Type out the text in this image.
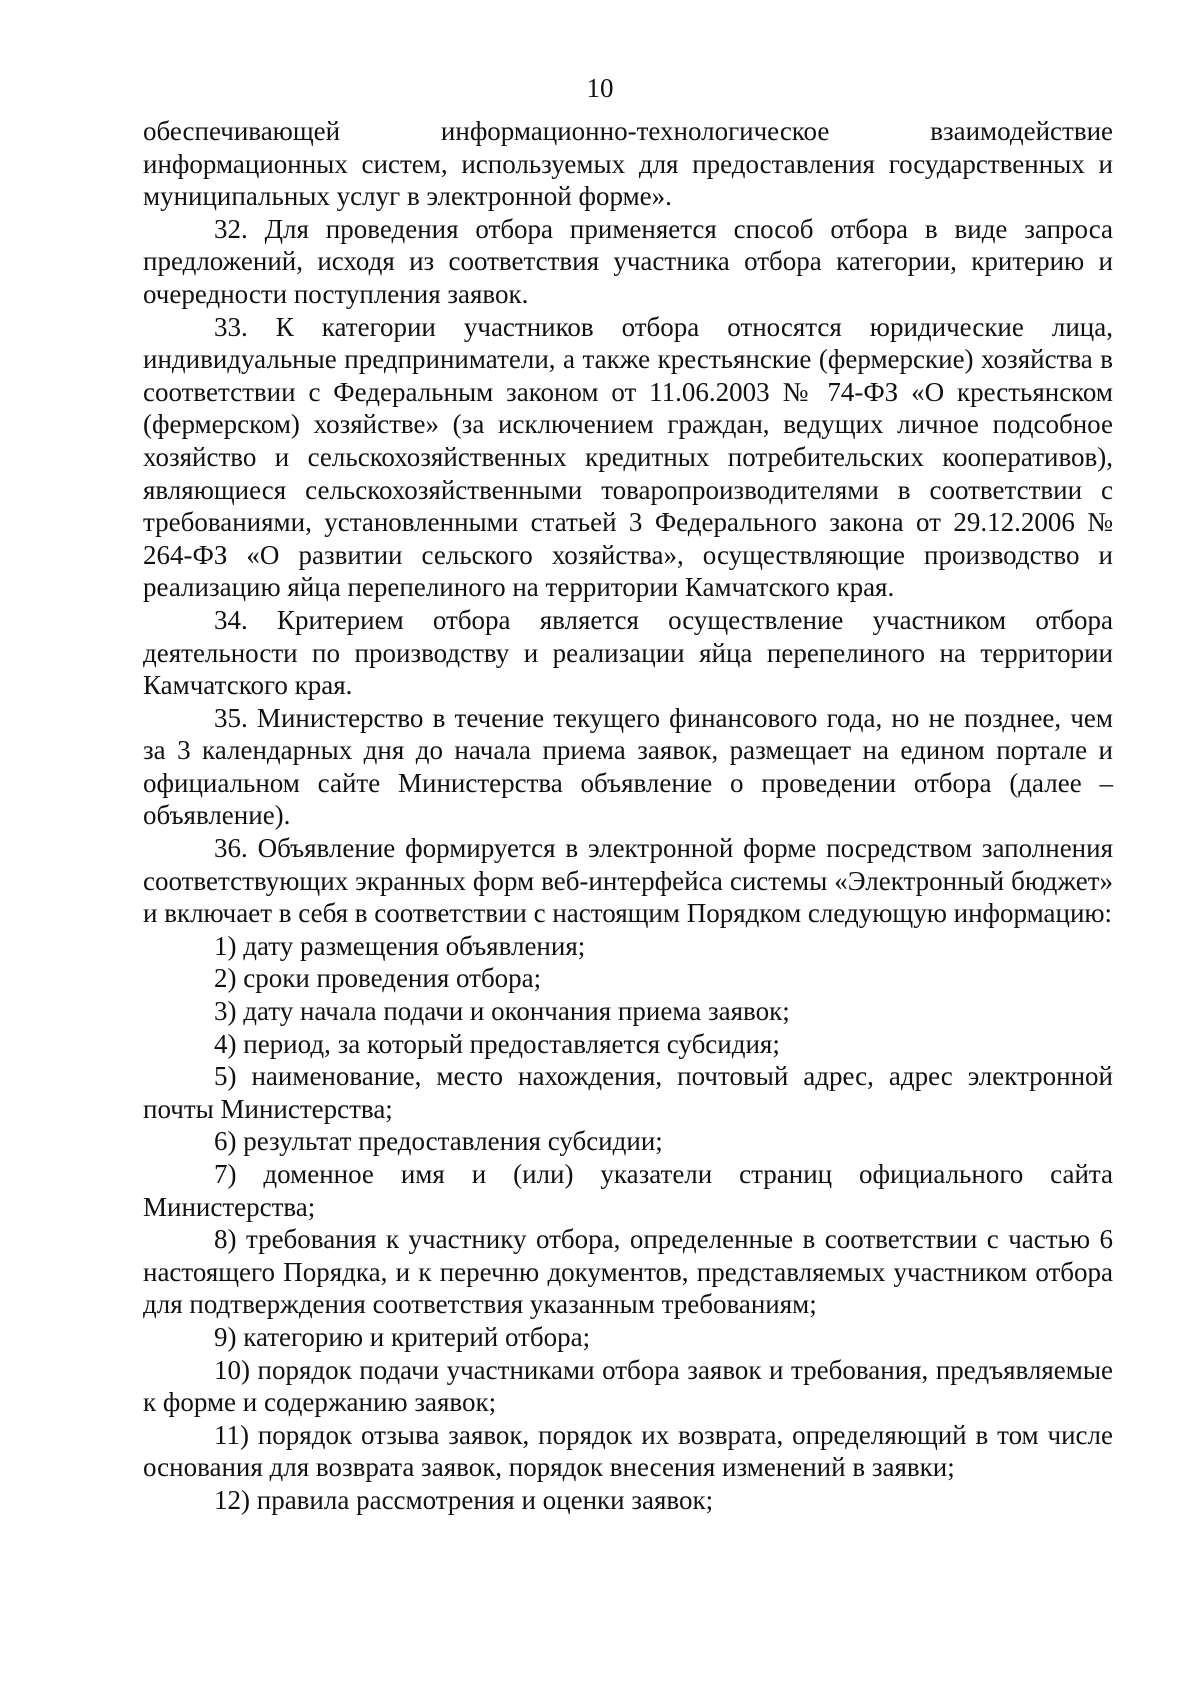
10

обеспечивающей информационно-технологическое взаимодействие информационных систем, используемых для предоставления государственных и муниципальных услуг в электронной форме».

32. Для проведения отбора применяется способ отбора в виде запроса предложений, исходя из соответствия участника отбора категории, критерию и очередности поступления заявок.

33. К категории участников отбора относятся юридические лица, индивидуальные предприниматели, а также крестьянские (фермерские) хозяйства в соответствии с Федеральным законом от 11.06.2003 № 74-ФЗ «О крестьянском (фермерском) хозяйстве» (за исключением граждан, ведущих личное подсобное хозяйство и сельскохозяйственных кредитных потребительских кооперативов), являющиеся сельскохозяйственными товаропроизводителями в соответствии с требованиями, установленными статьей 3 Федерального закона от 29.12.2006 № 264-ФЗ «О развитии сельского хозяйства», осуществляющие производство и реализацию яйца перепелиного на территории Камчатского края.

34. Критерием отбора является осуществление участником отбора деятельности по производству и реализации яйца перепелиного на территории Камчатского края.

35. Министерство в течение текущего финансового года, но не позднее, чем за 3 календарных дня до начала приема заявок, размещает на едином портале и официальном сайте Министерства объявление о проведении отбора (далее – объявление).

36. Объявление формируется в электронной форме посредством заполнения соответствующих экранных форм веб-интерфейса системы «Электронный бюджет» и включает в себя в соответствии с настоящим Порядком следующую информацию:

1) дату размещения объявления;

2) сроки проведения отбора;

3) дату начала подачи и окончания приема заявок;

4) период, за который предоставляется субсидия;

5) наименование, место нахождения, почтовый адрес, адрес электронной почты Министерства;

6) результат предоставления субсидии;

7) доменное имя и (или) указатели страниц официального сайта Министерства;

8) требования к участнику отбора, определенные в соответствии с частью 6 настоящего Порядка, и к перечню документов, представляемых участником отбора для подтверждения соответствия указанным требованиям;

9) категорию и критерий отбора;

10) порядок подачи участниками отбора заявок и требования, предъявляемые к форме и содержанию заявок;

11) порядок отзыва заявок, порядок их возврата, определяющий в том числе основания для возврата заявок, порядок внесения изменений в заявки;

12) правила рассмотрения и оценки заявок;
